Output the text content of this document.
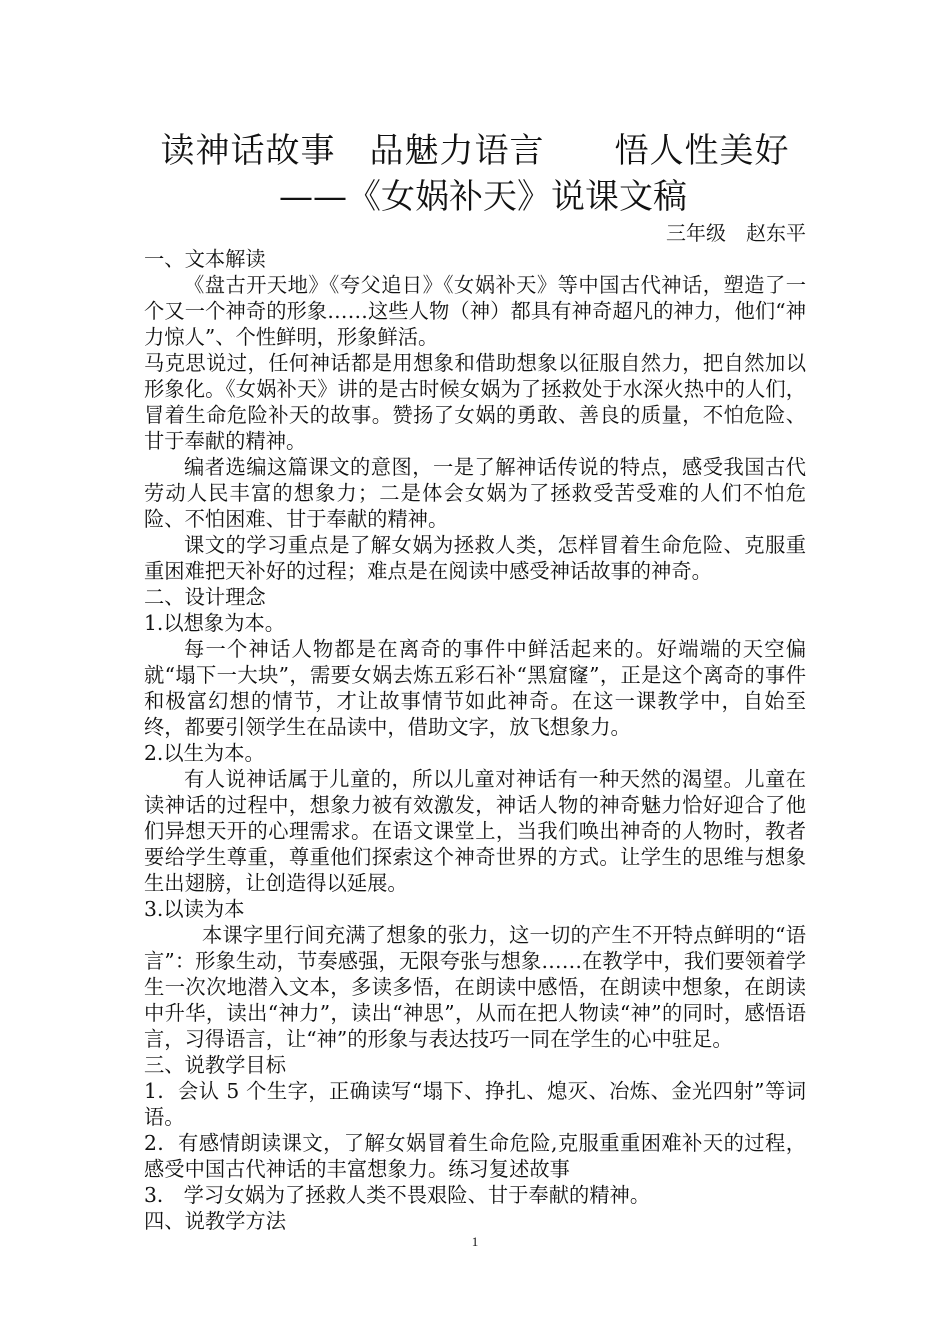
读神话故事 品魅力语言 悟人性美好
——《女娲补天》说课文稿

三年级 赵东平

一、文本解读

《盘古开天地》《夸父追日》《女娲补天》等中国古代神话，塑造了一个又一个神奇的形象……这些人物（神）都具有神奇超凡的神力，他们“神力惊人”、个性鲜明，形象鲜活。

马克思说过，任何神话都是用想象和借助想象以征服自然力，把自然加以形象化。《女娲补天》讲的是古时候女娲为了拯救处于水深火热中的人们，冒着生命危险补天的故事。赞扬了女娲的勇敢、善良的质量，不怕危险、甘于奉献的精神。

编者选编这篇课文的意图，一是了解神话传说的特点，感受我国古代劳动人民丰富的想象力；二是体会女娲为了拯救受苦受难的人们不怕危险、不怕困难、甘于奉献的精神。

课文的学习重点是了解女娲为拯救人类，怎样冒着生命危险、克服重重困难把天补好的过程；难点是在阅读中感受神话故事的神奇。

二、设计理念

1.以想象为本。

每一个神话人物都是在离奇的事件中鲜活起来的。好端端的天空偏就“塌下一大块”，需要女娲去炼五彩石补“黑窟窿”，正是这个离奇的事件和极富幻想的情节，才让故事情节如此神奇。在这一课教学中，自始至终，都要引领学生在品读中，借助文字，放飞想象力。

2.以生为本。

有人说神话属于儿童的，所以儿童对神话有一种天然的渴望。儿童在读神话的过程中，想象力被有效激发，神话人物的神奇魅力恰好迎合了他们异想天开的心理需求。在语文课堂上，当我们唤出神奇的人物时，教者要给学生尊重，尊重他们探索这个神奇世界的方式。让学生的思维与想象生出翅膀，让创造得以延展。

3.以读为本

本课字里行间充满了想象的张力，这一切的产生不开特点鲜明的“语言”：形象生动，节奏感强，无限夸张与想象……在教学中，我们要领着学生一次次地潜入文本，多读多悟，在朗读中感悟，在朗读中想象，在朗读中升华，读出“神力”，读出“神思”，从而在把人物读“神”的同时，感悟语言，习得语言，让“神”的形象与表达技巧一同在学生的心中驻足。

三、说教学目标

1．会认 5 个生字，正确读写“塌下、挣扎、熄灭、冶炼、金光四射”等词语。

2．有感情朗读课文，了解女娲冒着生命危险,克服重重困难补天的过程，感受中国古代神话的丰富想象力。练习复述故事

3． 学习女娲为了拯救人类不畏艰险、甘于奉献的精神。

四、说教学方法

1
